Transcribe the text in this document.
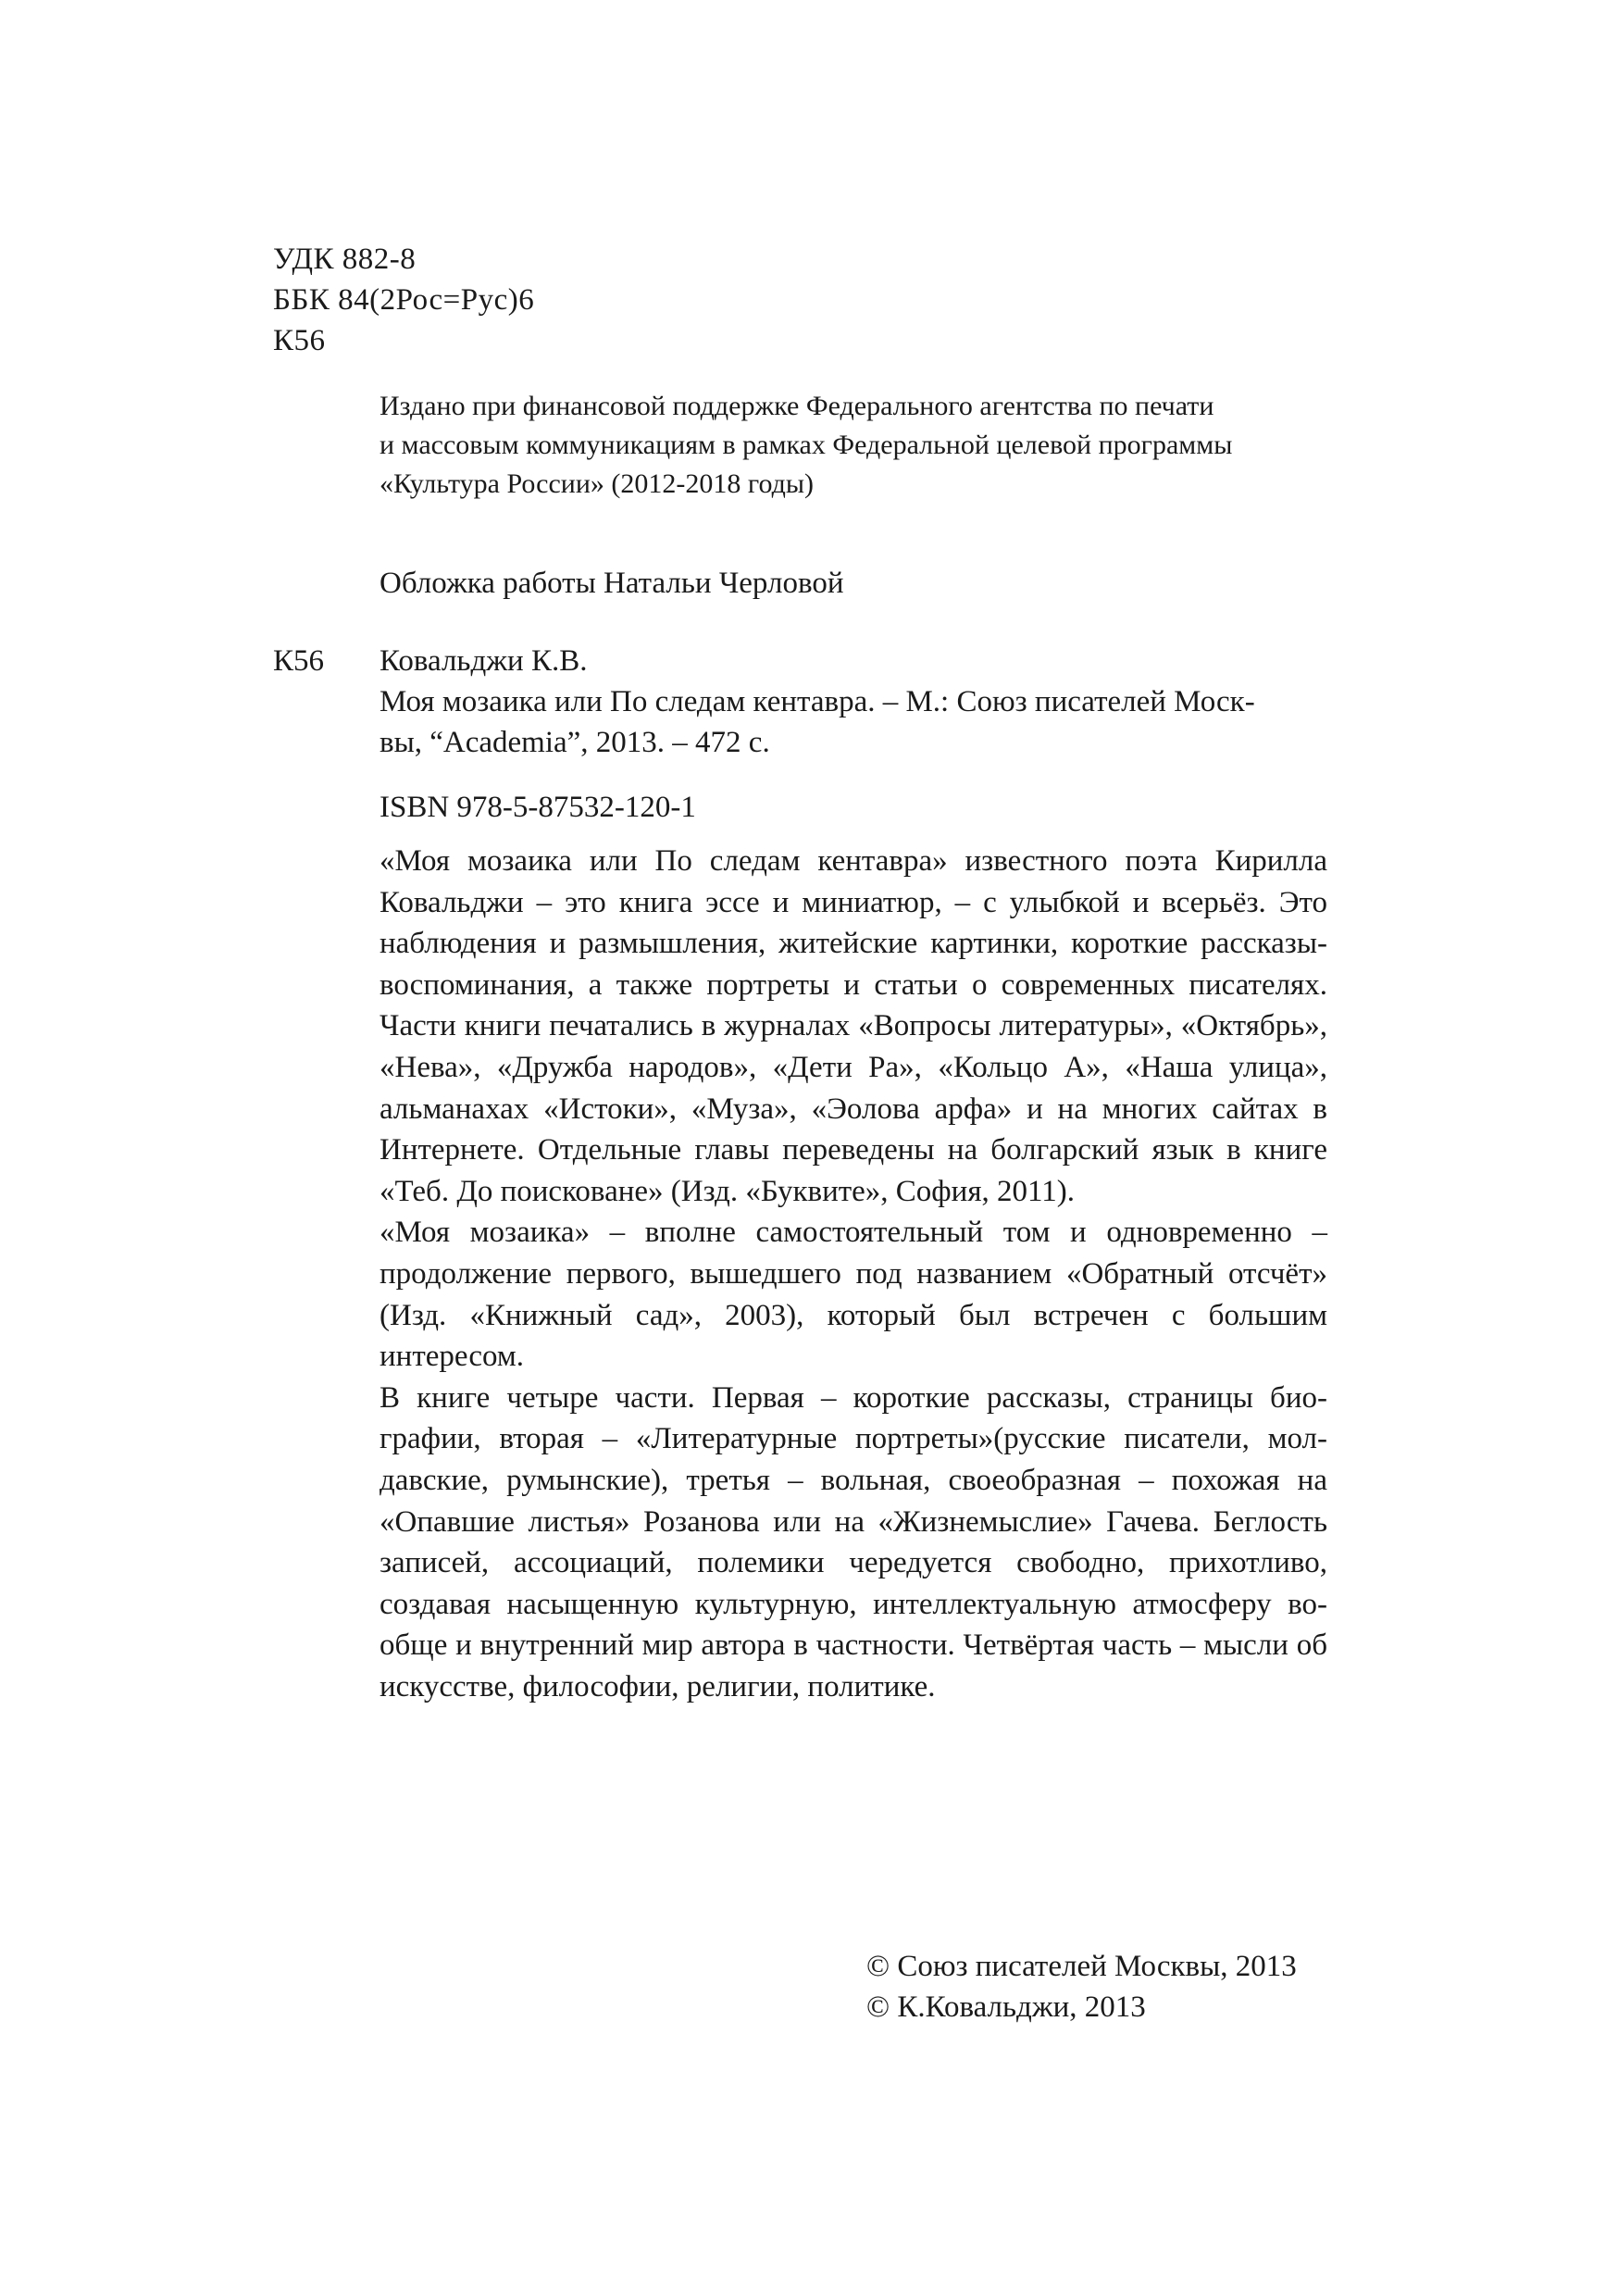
УДК 882-8

ББК 84(2Рос=Рус)6

К56

Издано при финансовой поддержке Федерального агентства по печати

и массовым коммуникациям в рамках Федеральной целевой программы

«Культура России» (2012-2018 годы)

Обложка работы Натальи Черловой

К56 Ковальджи К.В.

Моя мозаика или По следам кентавра. – М.: Союз писателей Моск-

вы, “Academia”, 2013. – 472 с.

ISBN 978-5-87532-120-1

«Моя мозаика или По следам кентавра» известного поэта Кирилла Ковальджи – это книга эссе и миниатюр, – с улыбкой и всерьёз. Это наблюдения и размышления, житейские картинки, короткие рассказы-воспоминания, а также портреты и статьи о современных писателях. Части книги печатались в журналах «Вопросы литературы», «Октябрь», «Нева», «Дружба народов», «Дети Ра», «Кольцо А», «Наша улица», альманахах «Истоки», «Муза», «Эолова арфа» и на многих сайтах в Интернете. Отдельные главы переведены на болгарский язык в книге «Теб. До поисковане» (Изд. «Буквите», София, 2011).

«Моя мозаика» – вполне самостоятельный том и одновременно – продолжение первого, вышедшего под названием «Обратный отсчёт» (Изд. «Книжный сад», 2003), который был встречен с большим интересом.

В книге четыре части. Первая – короткие рассказы, страницы биографии, вторая – «Литературные портреты»(русские писатели, молдавские, румынские), третья – вольная, своеобразная – похожая на «Опавшие листья» Розанова или на «Жизнемыслие» Гачева. Беглость записей, ассоциаций, полемики чередуется свободно, прихотливо, создавая насыщенную культурную, интеллектуальную атмосферу вообще и внутренний мир автора в частности. Четвёртая часть – мысли об искусстве, философии, религии, политике.

© Союз писателей Москвы, 2013

© К.Ковальджи, 2013
